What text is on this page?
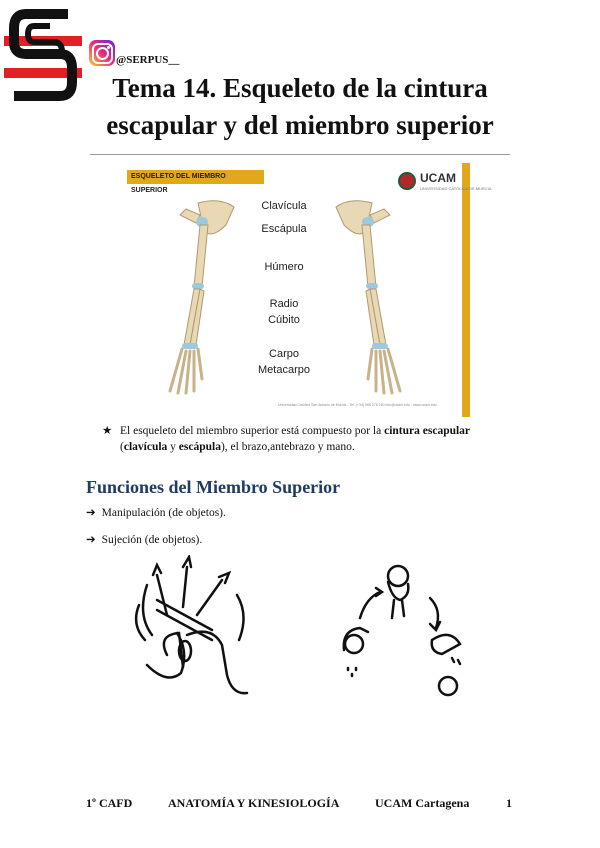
@SERPUS__
Tema 14. Esqueleto de la cintura
escapular y del miembro superior
ESQUELETO DEL MIEMBRO SUPERIOR
UCAM
UNIVERSIDAD CATÓLICA DE MURCIA
Clavícula
Escápula
Húmero
Radio
Cúbito
Carpo
Metacarpo
Universidad Católica San Antonio de Murcia - Tel. (+34) 968 278 160 info@ucam.edu - www.ucam.edu
★ El esqueleto del miembro superior está compuesto por la cintura escapular (clavícula y escápula), el brazo,antebrazo y mano.
Funciones del Miembro Superior
➔ Manipulación (de objetos).
➔ Sujeción (de objetos).
1º CAFD	ANATOMÍA Y KINESIOLOGÍA	UCAM Cartagena	1
